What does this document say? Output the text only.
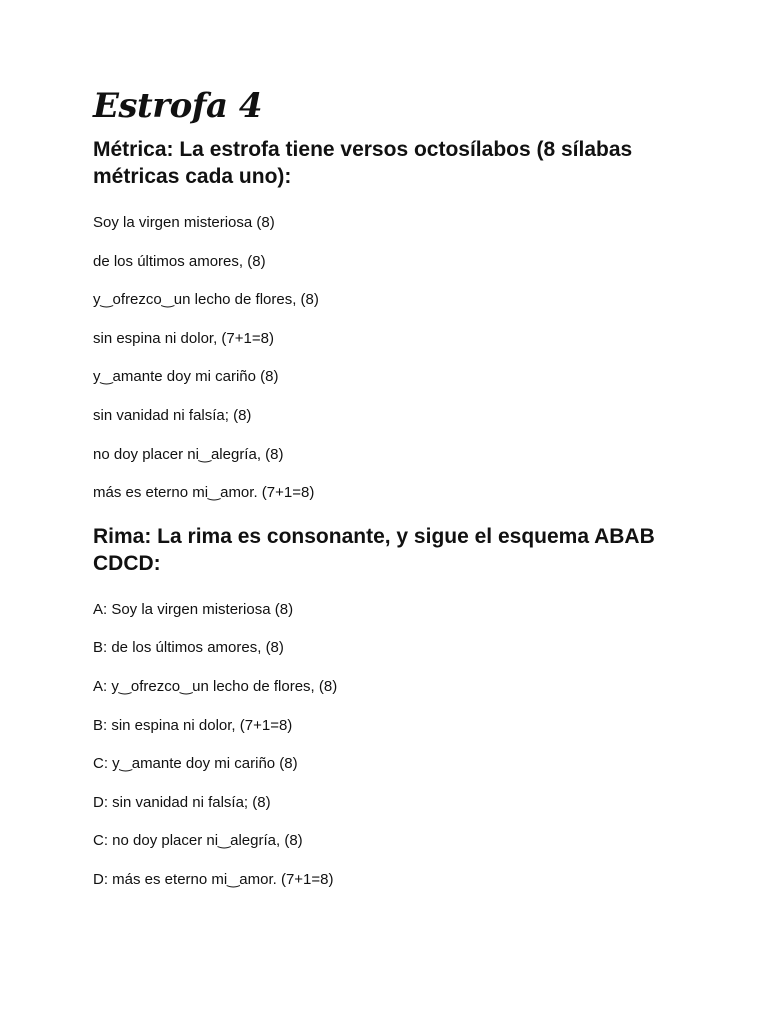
Estrofa 4
Métrica: La estrofa tiene versos octosílabos (8 sílabas métricas cada uno):
Soy la virgen misteriosa (8)
de los últimos amores, (8)
y‿ofrezco‿un lecho de flores, (8)
sin espina ni dolor, (7+1=8)
y‿amante doy mi cariño (8)
sin vanidad ni falsía; (8)
no doy placer ni‿alegría, (8)
más es eterno mi‿amor. (7+1=8)
Rima: La rima es consonante, y sigue el esquema ABAB CDCD:
A: Soy la virgen misteriosa (8)
B: de los últimos amores, (8)
A: y‿ofrezco‿un lecho de flores, (8)
B: sin espina ni dolor, (7+1=8)
C: y‿amante doy mi cariño (8)
D: sin vanidad ni falsía; (8)
C: no doy placer ni‿alegría, (8)
D: más es eterno mi‿amor. (7+1=8)
